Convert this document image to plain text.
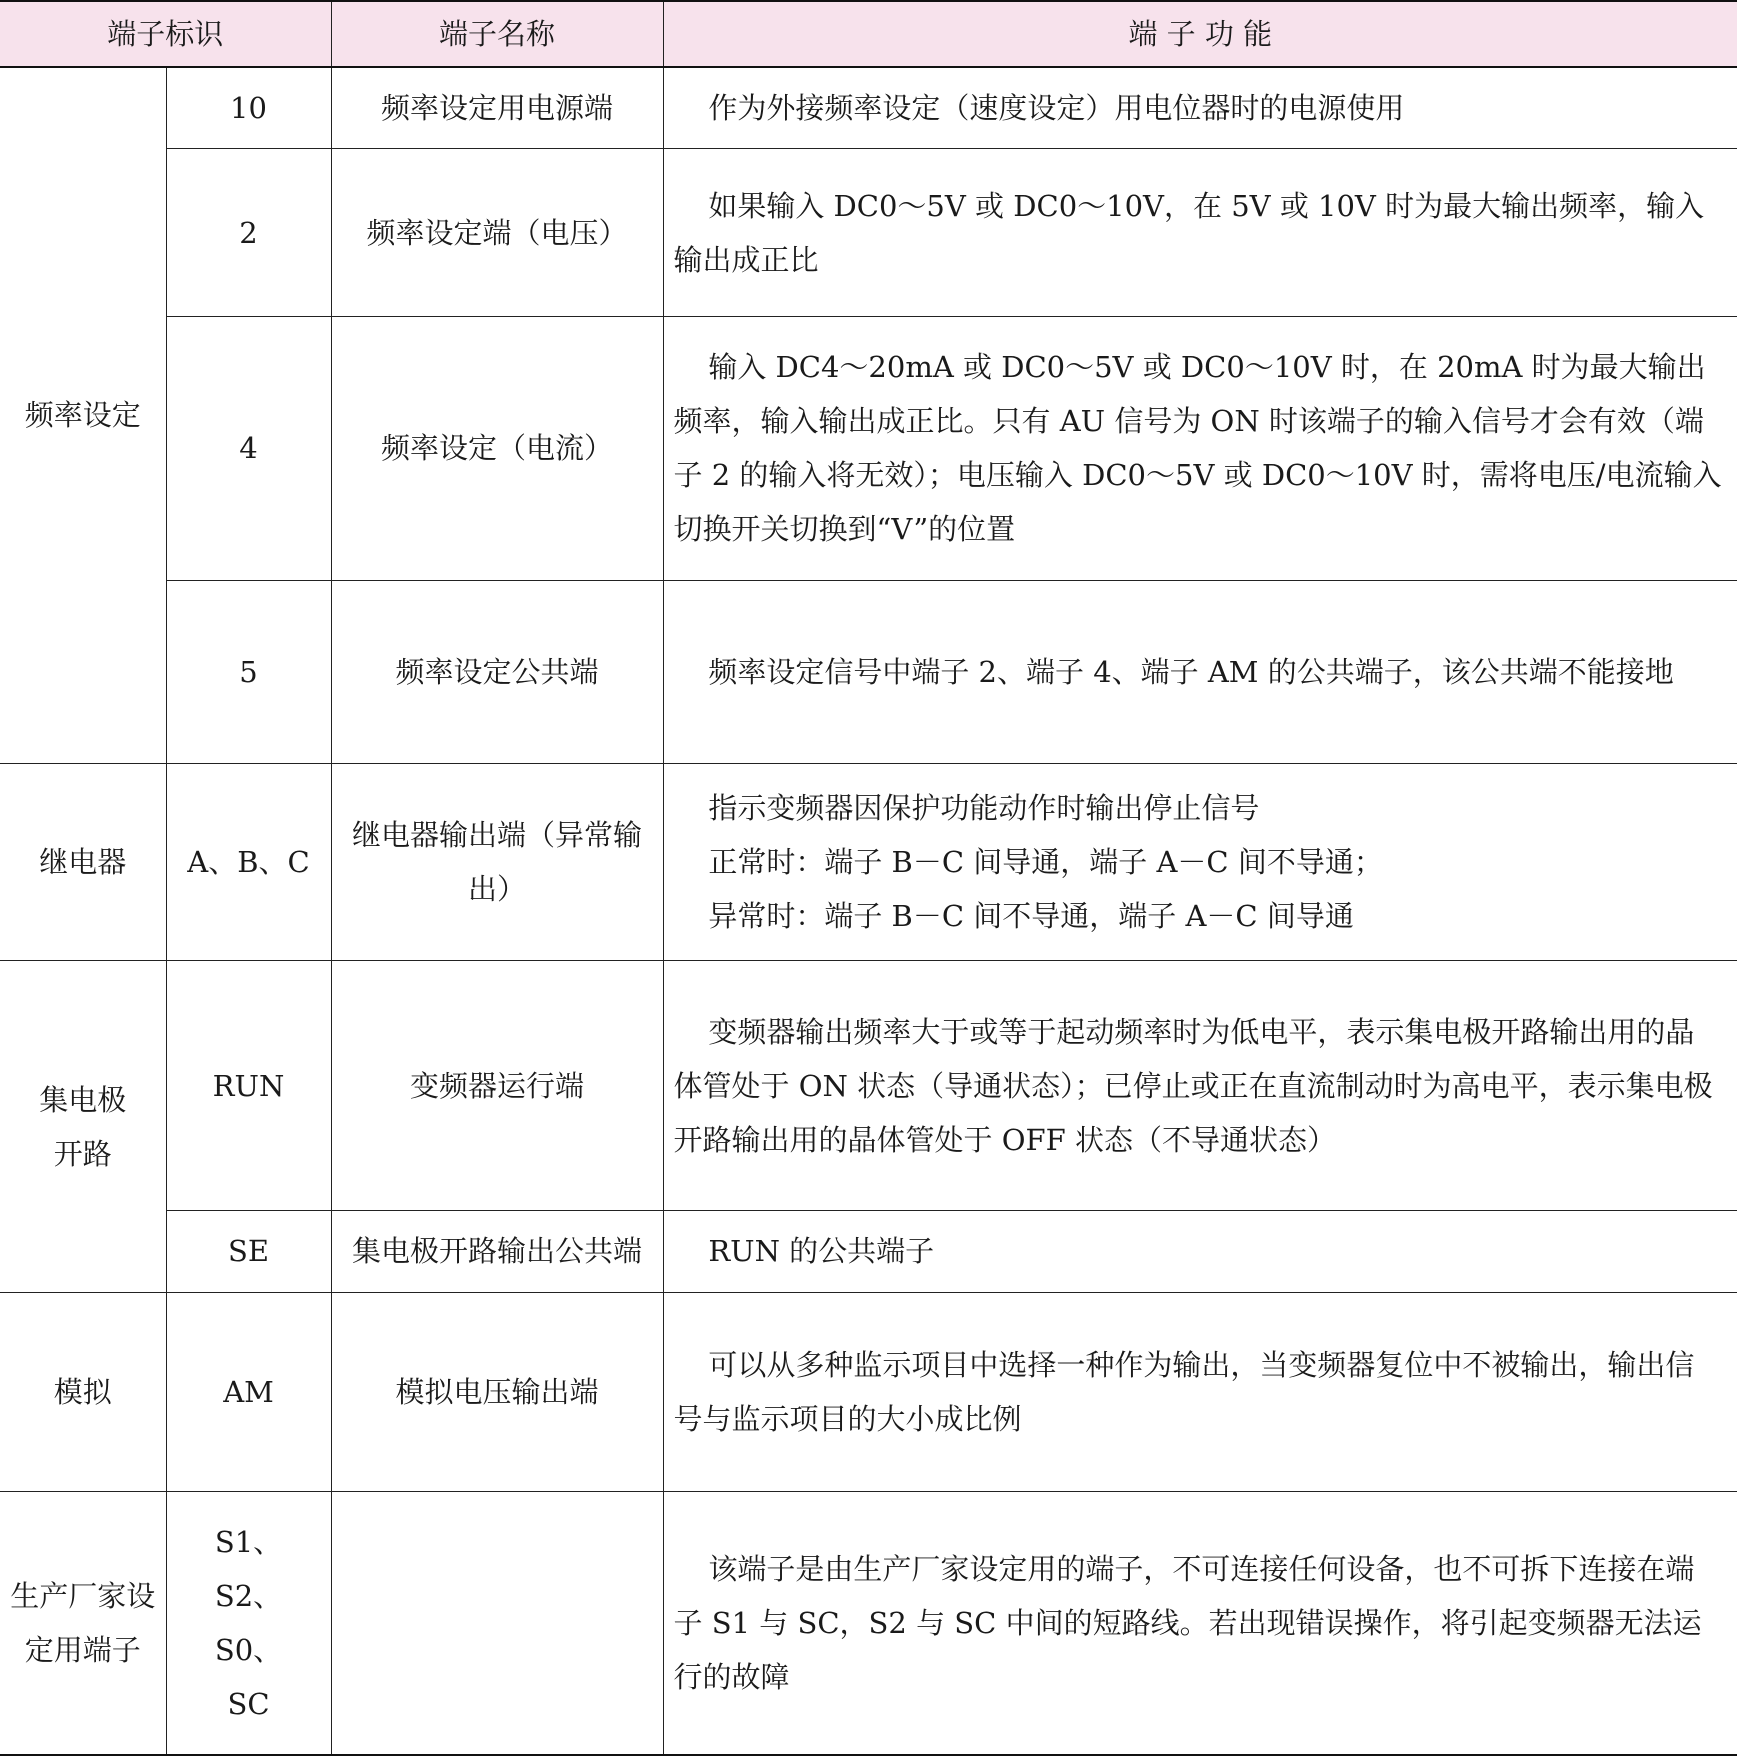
端子标识		端子名称	端 子 功 能
频率设定	10	频率设定用电源端	作为外接频率设定（速度设定）用电位器时的电源使用
	2	频率设定端（电压）	如果输入 DC0～5V 或 DC0～10V，在 5V 或 10V 时为最大输出频率，输入输出成正比
	4	频率设定（电流）	输入 DC4～20mA 或 DC0～5V 或 DC0～10V 时，在 20mA 时为最大输出频率，输入输出成正比。只有 AU 信号为 ON 时该端子的输入信号才会有效（端子 2 的输入将无效）；电压输入 DC0～5V 或 DC0～10V 时，需将电压/电流输入切换开关切换到“V”的位置
	5	频率设定公共端	频率设定信号中端子 2、端子 4、端子 AM 的公共端子，该公共端不能接地
继电器	A、B、C	继电器输出端（异常输出）	指示变频器因保护功能动作时输出停止信号
正常时：端子 B－C 间导通，端子 A－C 间不导通；
异常时：端子 B－C 间不导通，端子 A－C 间导通

集电极开路	RUN	变频器运行端	变频器输出频率大于或等于起动频率时为低电平，表示集电极开路输出用的晶体管处于 ON 状态（导通状态）；已停止或正在直流制动时为高电平，表示集电极开路输出用的晶体管处于 OFF 状态（不导通状态）
	SE	集电极开路输出公共端	RUN 的公共端子
模拟	AM	模拟电压输出端	可以从多种监示项目中选择一种作为输出，当变频器复位中不被输出，输出信号与监示项目的大小成比例
生产厂家设定用端子	S1、S2、S0、SC		该端子是由生产厂家设定用的端子，不可连接任何设备，也不可拆下连接在端子 S1 与 SC，S2 与 SC 中间的短路线。若出现错误操作，将引起变频器无法运行的故障
